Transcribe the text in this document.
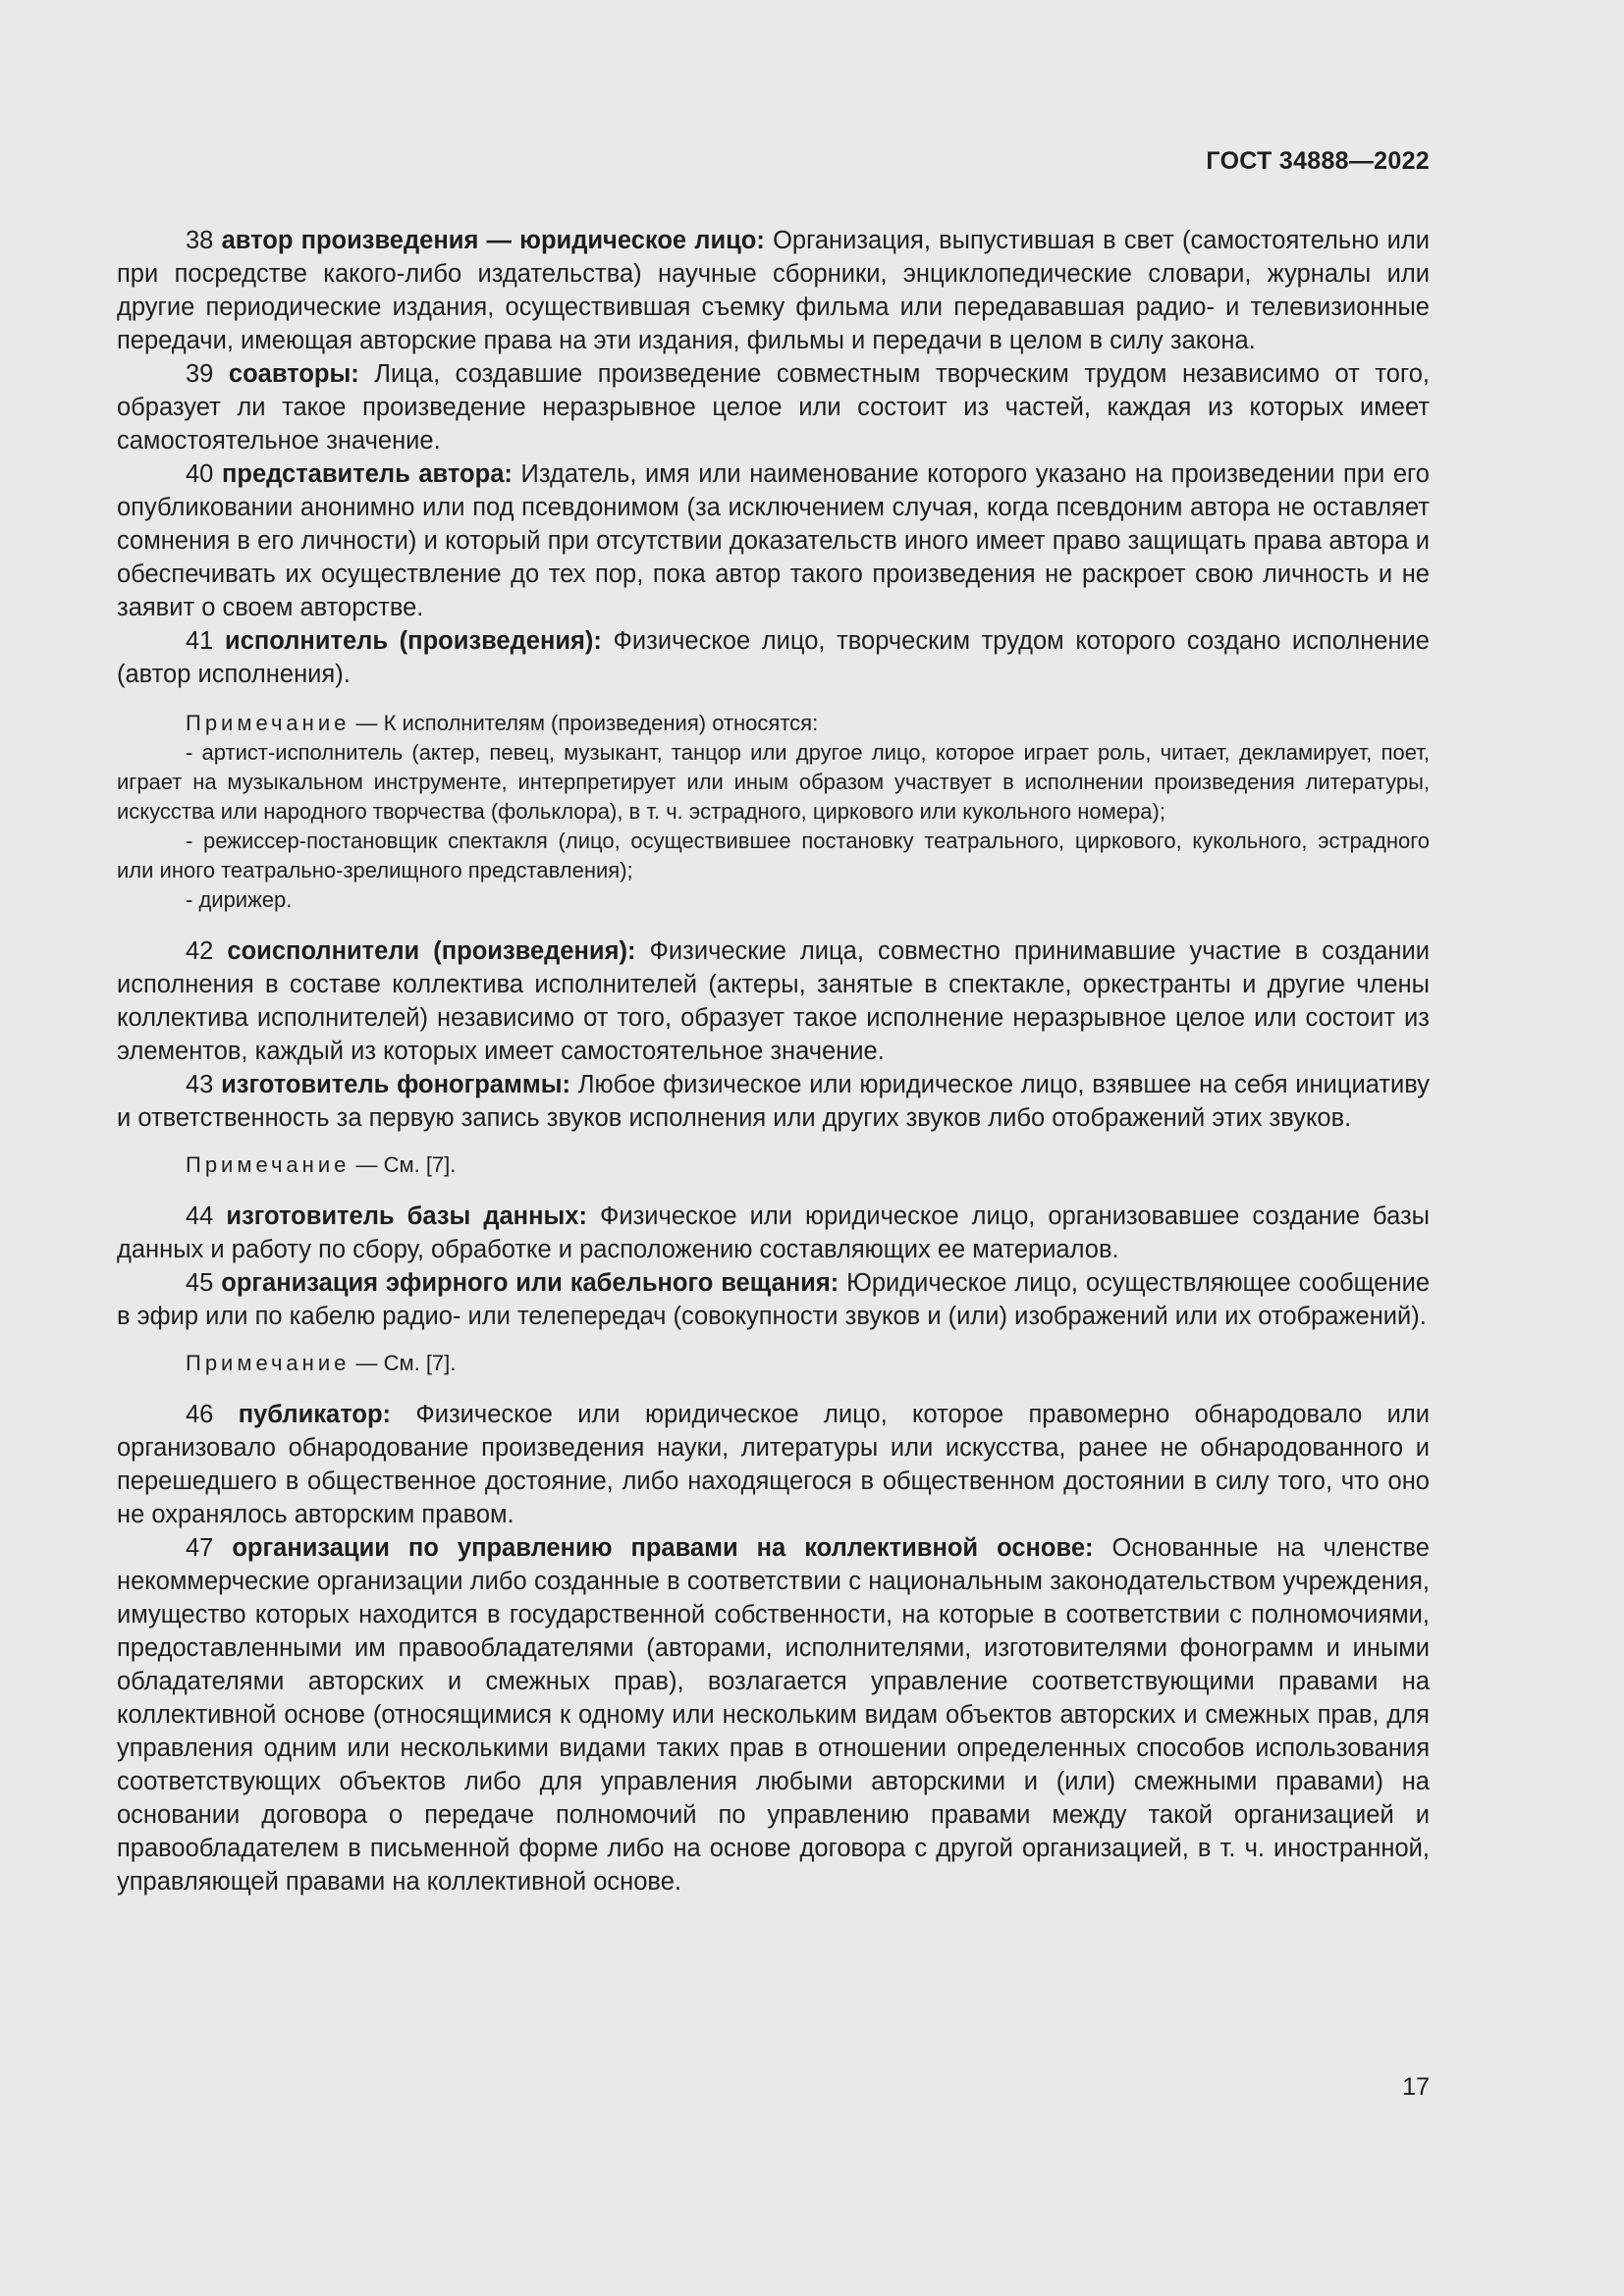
ГОСТ 34888—2022

38 автор произведения — юридическое лицо: Организация, выпустившая в свет (самостоятельно или при посредстве какого-либо издательства) научные сборники, энциклопедические словари, журналы или другие периодические издания, осуществившая съемку фильма или передававшая радио- и телевизионные передачи, имеющая авторские права на эти издания, фильмы и передачи в целом в силу закона.

39 соавторы: Лица, создавшие произведение совместным творческим трудом независимо от того, образует ли такое произведение неразрывное целое или состоит из частей, каждая из которых имеет самостоятельное значение.

40 представитель автора: Издатель, имя или наименование которого указано на произведении при его опубликовании анонимно или под псевдонимом (за исключением случая, когда псевдоним автора не оставляет сомнения в его личности) и который при отсутствии доказательств иного имеет право защищать права автора и обеспечивать их осуществление до тех пор, пока автор такого произведения не раскроет свою личность и не заявит о своем авторстве.

41 исполнитель (произведения): Физическое лицо, творческим трудом которого создано исполнение (автор исполнения).

Примечание — К исполнителям (произведения) относятся:
- артист-исполнитель (актер, певец, музыкант, танцор или другое лицо, которое играет роль, читает, декламирует, поет, играет на музыкальном инструменте, интерпретирует или иным образом участвует в исполнении произведения литературы, искусства или народного творчества (фольклора), в т. ч. эстрадного, циркового или кукольного номера);
- режиссер-постановщик спектакля (лицо, осуществившее постановку театрального, циркового, кукольного, эстрадного или иного театрально-зрелищного представления);
- дирижер.

42 соисполнители (произведения): Физические лица, совместно принимавшие участие в создании исполнения в составе коллектива исполнителей (актеры, занятые в спектакле, оркестранты и другие члены коллектива исполнителей) независимо от того, образует такое исполнение неразрывное целое или состоит из элементов, каждый из которых имеет самостоятельное значение.

43 изготовитель фонограммы: Любое физическое или юридическое лицо, взявшее на себя инициативу и ответственность за первую запись звуков исполнения или других звуков либо отображений этих звуков.

Примечание — См. [7].

44 изготовитель базы данных: Физическое или юридическое лицо, организовавшее создание базы данных и работу по сбору, обработке и расположению составляющих ее материалов.

45 организация эфирного или кабельного вещания: Юридическое лицо, осуществляющее сообщение в эфир или по кабелю радио- или телепередач (совокупности звуков и (или) изображений или их отображений).

Примечание — См. [7].

46 публикатор: Физическое или юридическое лицо, которое правомерно обнародовало или организовало обнародование произведения науки, литературы или искусства, ранее не обнародованного и перешедшего в общественное достояние, либо находящегося в общественном достоянии в силу того, что оно не охранялось авторским правом.

47 организации по управлению правами на коллективной основе: Основанные на членстве некоммерческие организации либо созданные в соответствии с национальным законодательством учреждения, имущество которых находится в государственной собственности, на которые в соответствии с полномочиями, предоставленными им правообладателями (авторами, исполнителями, изготовителями фонограмм и иными обладателями авторских и смежных прав), возлагается управление соответствующими правами на коллективной основе (относящимися к одному или нескольким видам объектов авторских и смежных прав, для управления одним или несколькими видами таких прав в отношении определенных способов использования соответствующих объектов либо для управления любыми авторскими и (или) смежными правами) на основании договора о передаче полномочий по управлению правами между такой организацией и правообладателем в письменной форме либо на основе договора с другой организацией, в т. ч. иностранной, управляющей правами на коллективной основе.

17
